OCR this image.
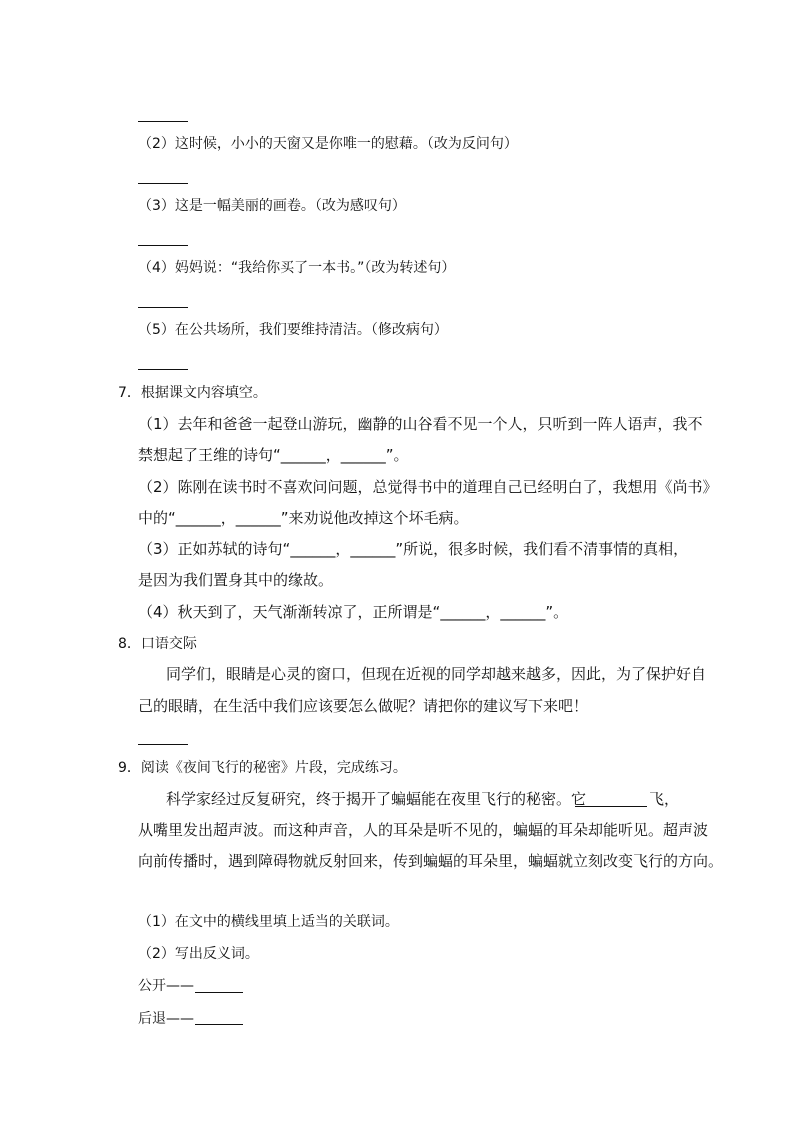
（2）这时候，小小的天窗又是你唯一的慰藉。（改为反问句）
（3）这是一幅美丽的画卷。（改为感叹句）
（4）妈妈说：“我给你买了一本书。”（改为转述句）
（5）在公共场所，我们要维持清洁。（修改病句）
7．根据课文内容填空。
（1）去年和爸爸一起登山游玩，幽静的山谷看不见一个人，只听到一阵人语声，我不
禁想起了王维的诗句“______，______”。
（2）陈刚在读书时不喜欢问问题，总觉得书中的道理自己已经明白了，我想用《尚书》
中的“______，______”来劝说他改掉这个坏毛病。
（3）正如苏轼的诗句“______，______”所说，很多时候，我们看不清事情的真相，
是因为我们置身其中的缘故。
（4）秋天到了，天气渐渐转凉了，正所谓是“______，______”。
8．口语交际
同学们，眼睛是心灵的窗口，但现在近视的同学却越来越多，因此，为了保护好自
己的眼睛，在生活中我们应该要怎么做呢？请把你的建议写下来吧！
9．阅读《夜间飞行的秘密》片段，完成练习。
科学家经过反复研究，终于揭开了蝙蝠能在夜里飞行的秘密。它	飞，
从嘴里发出超声波。而这种声音，人的耳朵是听不见的，蝙蝠的耳朵却能听见。超声波
向前传播时，遇到障碍物就反射回来，传到蝙蝠的耳朵里，蝙蝠就立刻改变飞行的方向。
（1）在文中的横线里填上适当的关联词。
（2）写出反义词。
公开——
后退——
